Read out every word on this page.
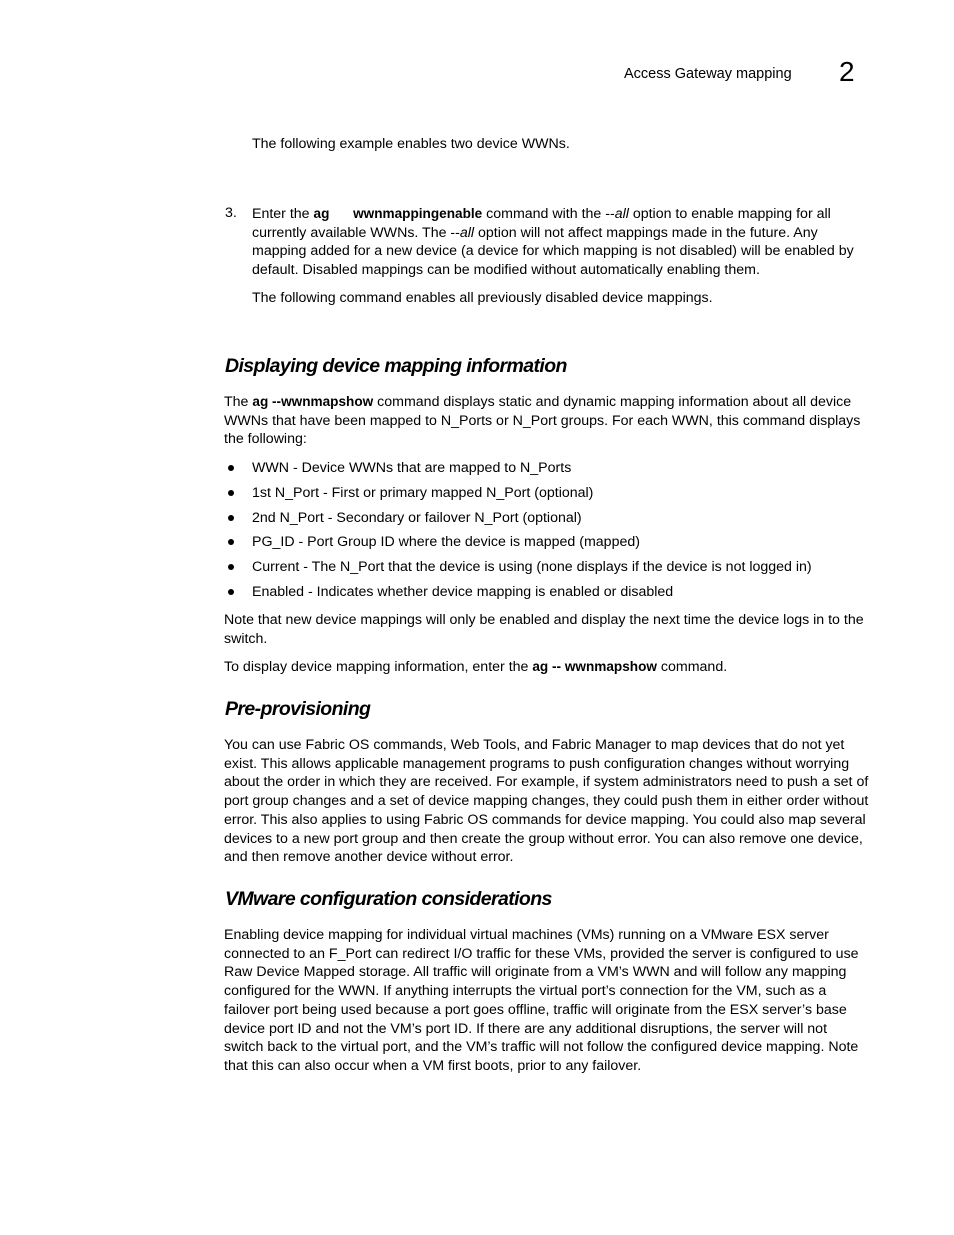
Access Gateway mapping 2

The following example enables two device WWNs.

3. Enter the ag wwnmappingenable command with the --all option to enable mapping for all currently available WWNs. The --all option will not affect mappings made in the future. Any mapping added for a new device (a device for which mapping is not disabled) will be enabled by default. Disabled mappings can be modified without automatically enabling them.

The following command enables all previously disabled device mappings.

Displaying device mapping information

The ag --wwnmapshow command displays static and dynamic mapping information about all device WWNs that have been mapped to N_Ports or N_Port groups. For each WWN, this command displays the following:

WWN - Device WWNs that are mapped to N_Ports
1st N_Port - First or primary mapped N_Port (optional)
2nd N_Port - Secondary or failover N_Port (optional)
PG_ID - Port Group ID where the device is mapped (mapped)
Current - The N_Port that the device is using (none displays if the device is not logged in)
Enabled - Indicates whether device mapping is enabled or disabled

Note that new device mappings will only be enabled and display the next time the device logs in to the switch.

To display device mapping information, enter the ag -- wwnmapshow command.

Pre-provisioning

You can use Fabric OS commands, Web Tools, and Fabric Manager to map devices that do not yet exist. This allows applicable management programs to push configuration changes without worrying about the order in which they are received. For example, if system administrators need to push a set of port group changes and a set of device mapping changes, they could push them in either order without error. This also applies to using Fabric OS commands for device mapping. You could also map several devices to a new port group and then create the group without error. You can also remove one device, and then remove another device without error.

VMware configuration considerations

Enabling device mapping for individual virtual machines (VMs) running on a VMware ESX server connected to an F_Port can redirect I/O traffic for these VMs, provided the server is configured to use Raw Device Mapped storage. All traffic will originate from a VM’s WWN and will follow any mapping configured for the WWN. If anything interrupts the virtual port’s connection for the VM, such as a failover port being used because a port goes offline, traffic will originate from the ESX server’s base device port ID and not the VM’s port ID. If there are any additional disruptions, the server will not switch back to the virtual port, and the VM’s traffic will not follow the configured device mapping. Note that this can also occur when a VM first boots, prior to any failover.
